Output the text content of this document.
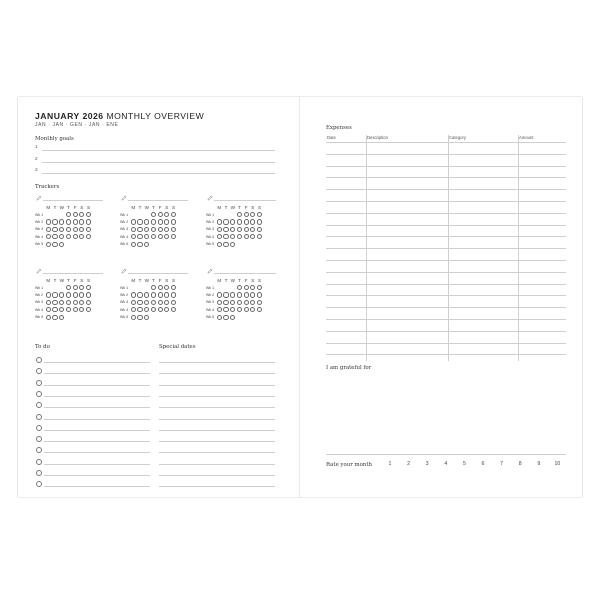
JANUARY 2026 MONTHLY OVERVIEW
JAN · JAN · GEN · JAN · ENE
Monthly goals
1
2
3
Trackers
M T W T F S S
Wk 1
Wk 2
Wk 3
Wk 4
Wk 5
M T W T F S S
Wk 1
Wk 2
Wk 3
Wk 4
Wk 5
M T W T F S S
Wk 1
Wk 2
Wk 3
Wk 4
Wk 5
M T W T F S S
Wk 1
Wk 2
Wk 3
Wk 4
Wk 5
M T W T F S S
Wk 1
Wk 2
Wk 3
Wk 4
Wk 5
M T W T F S S
Wk 1
Wk 2
Wk 3
Wk 4
Wk 5
To do	Special dates
Expenses
Date	Description	Category	Amount
I am grateful for
Rate your month	1	2	3	4	5	6	7	8	9	10
